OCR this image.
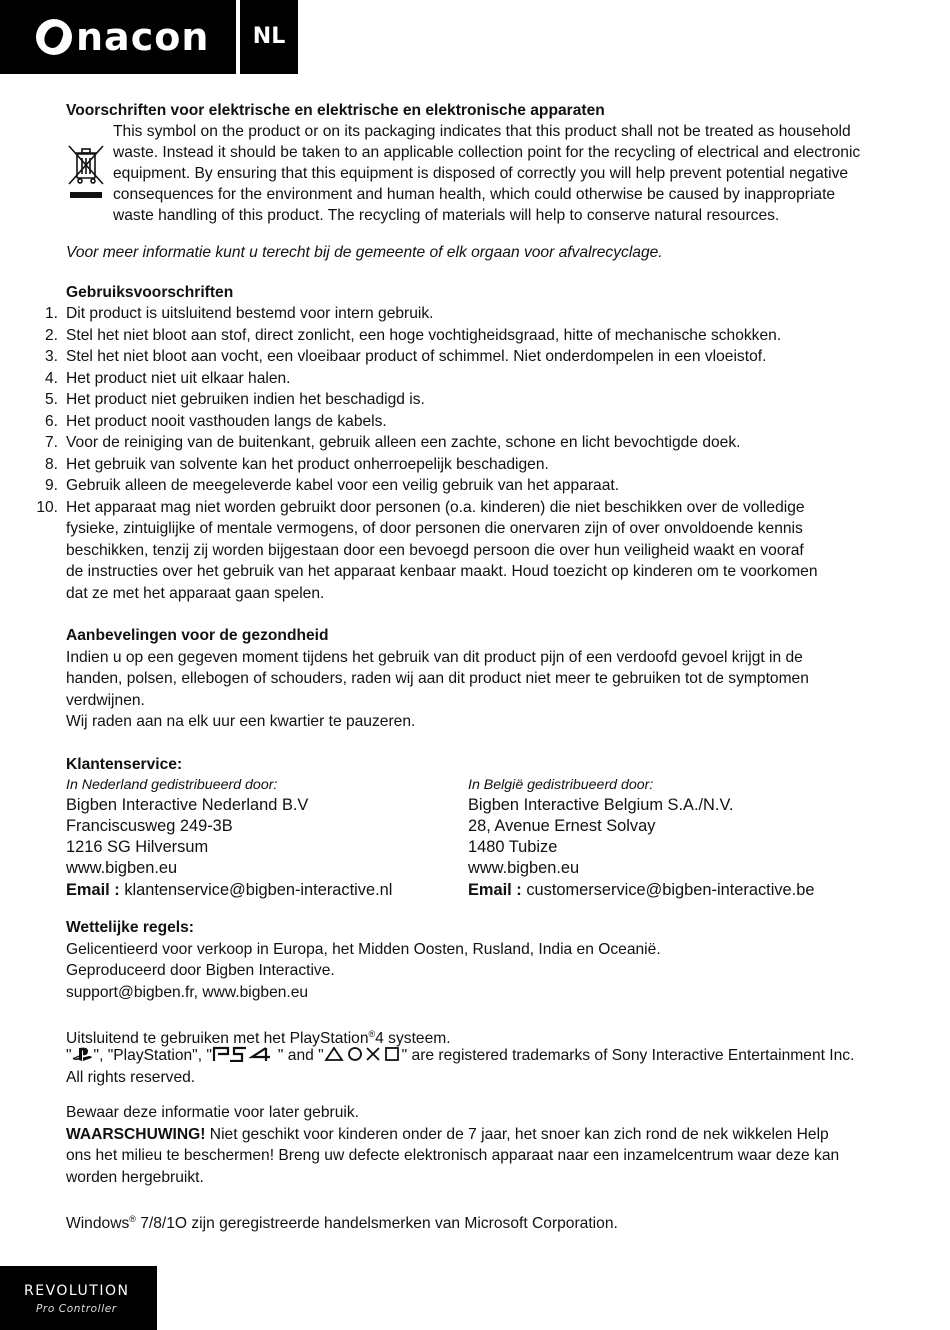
nacon	NL
Voorschriften voor elektrische en elektrische en elektronische apparaten
This symbol on the product or on its packaging indicates that this product shall not be treated as household
waste. Instead it should be taken to an applicable collection point for the recycling of electrical and electronic
equipment. By ensuring that this equipment is disposed of correctly you will help prevent potential negative
consequences for the environment and human health, which could otherwise be caused by inappropriate
waste handling of this product. The recycling of materials will help to conserve natural resources.
Voor meer informatie kunt u terecht bij de gemeente of elk orgaan voor afvalrecyclage.
Gebruiksvoorschriften
1. Dit product is uitsluitend bestemd voor intern gebruik.
2. Stel het niet bloot aan stof, direct zonlicht, een hoge vochtigheidsgraad, hitte of mechanische schokken.
3. Stel het niet bloot aan vocht, een vloeibaar product of schimmel. Niet onderdompelen in een vloeistof.
4. Het product niet uit elkaar halen.
5. Het product niet gebruiken indien het beschadigd is.
6. Het product nooit vasthouden langs de kabels.
7. Voor de reiniging van de buitenkant, gebruik alleen een zachte, schone en licht bevochtigde doek.
8. Het gebruik van solvente kan het product onherroepelijk beschadigen.
9. Gebruik alleen de meegeleverde kabel voor een veilig gebruik van het apparaat.
10. Het apparaat mag niet worden gebruikt door personen (o.a. kinderen) die niet beschikken over de volledige
fysieke, zintuiglijke of mentale vermogens, of door personen die onervaren zijn of over onvoldoende kennis
beschikken, tenzij zij worden bijgestaan door een bevoegd persoon die over hun veiligheid waakt en vooraf
de instructies over het gebruik van het apparaat kenbaar maakt. Houd toezicht op kinderen om te voorkomen
dat ze met het apparaat gaan spelen.
Aanbevelingen voor de gezondheid
Indien u op een gegeven moment tijdens het gebruik van dit product pijn of een verdoofd gevoel krijgt in de
handen, polsen, ellebogen of schouders, raden wij aan dit product niet meer te gebruiken tot de symptomen
verdwijnen.
Wij raden aan na elk uur een kwartier te pauzeren.
Klantenservice:
In Nederland gedistribueerd door:
Bigben Interactive Nederland B.V
Franciscusweg 249-3B
1216 SG Hilversum
www.bigben.eu
Email : klantenservice@bigben-interactive.nl
In België gedistribueerd door:
Bigben Interactive Belgium S.A./N.V.
28, Avenue Ernest Solvay
1480 Tubize
www.bigben.eu
Email : customerservice@bigben-interactive.be
Wettelijke regels:
Gelicentieerd voor verkoop in Europa, het Midden Oosten, Rusland, India en Oceanië.
Geproduceerd door Bigben Interactive.
support@bigben.fr, www.bigben.eu
Uitsluitend te gebruiken met het PlayStation®4 systeem.
" ", "PlayStation", "	" and "	" are registered trademarks of Sony Interactive Entertainment Inc.
All rights reserved.
Bewaar deze informatie voor later gebruik.
WAARSCHUWING! Niet geschikt voor kinderen onder de 7 jaar, het snoer kan zich rond de nek wikkelen Help
ons het milieu te beschermen! Breng uw defecte elektronisch apparaat naar een inzamelcentrum waar deze kan
worden hergebruikt.
Windows® 7/8/1O zijn geregistreerde handelsmerken van Microsoft Corporation.
REVOLUTION
Pro Controller
